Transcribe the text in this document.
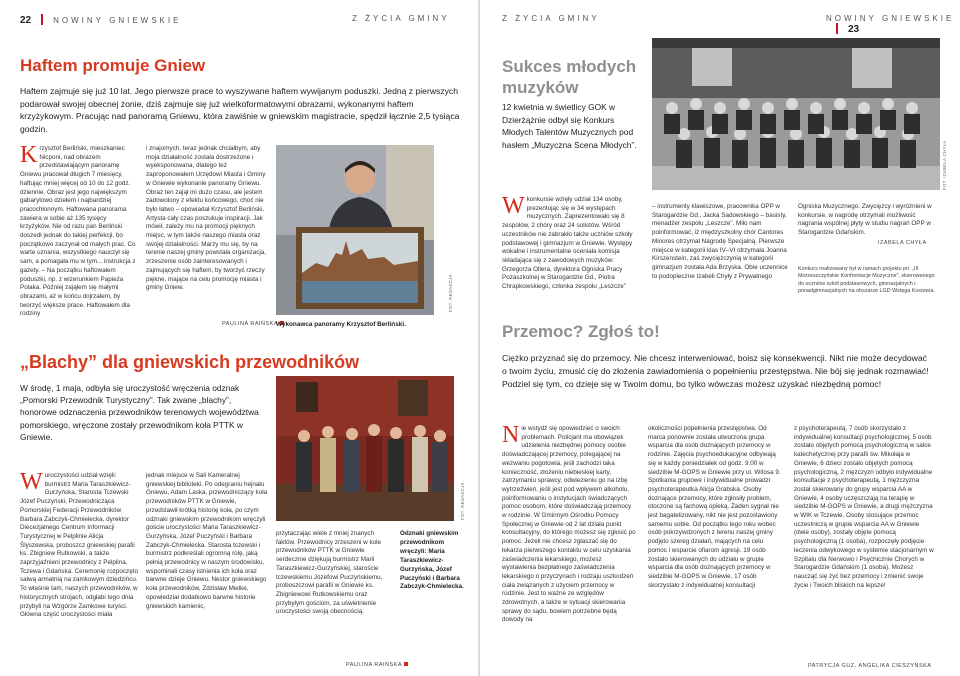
22	NOWINY GNIEWSKIE	Z ŻYCIA GMINY
Haftem promuje Gniew
Haftem zajmuje się już 10 lat. Jego pierwsze prace to wyszywane haftem wywijanym poduszki. Jedną z pierwszych podarował swojej obecnej żonie, dziś zajmuje się już wielkoformatowymi obrazami, wykonanymi haftem krzyżykowym. Pracując nad panoramą Gniewu, która zawiśnie w gniewskim magistracie, spędził łącznie 2,5 tysiąca godzin.
Krzysztof Berliński, mieszkaniec Nicponi, nad obrazem przedstawiającym panoramę Gniewu pracował długich 7 miesięcy, haftując mniej więcej od 10 do 12 godz. dziennie. Obraz jest jego największym gabarytowo dziełem i najbardziej pracochłonnym. Haftowana panorama zawiera w sobie aż 135 tysięcy krzyżyków. Nie od razu pan Berliński doszedł jednak do takiej perfekcji, bo początkowo zaczynał od małych prac. Co warte uznania, wszystkiego nauczył się sam, a pomagała mu w tym... instrukcja z gazety. – Na początku haftowałem poduszki, np. z wizerunkiem Papieża Polaka. Później zająłem się małymi obrazami, aż w końcu dojrzałem, by tworzyć większe prace. Haftowałem dla rodziny
i znajomych, teraz jednak chciałbym, aby moja działalność została dostrzeżone i wyeksponowana, dlatego też zaproponowałem Urzędowi Miasta i Gminy w Gniewie wykonanie panoramy Gniewu. Obraz ten zajął mi dużo czasu, ale jestem zadowolony z efektu końcowego, choć nie było łatwo – opowiadał Krzysztof Berliński. Artysta cały czas poszukuje inspiracji. Jak mówił, zależy mu na promocji pięknych miejsc, w tym także naszego miasta oraz swojej działalności. Marzy mu się, by na terenie naszej gminy powstała organizacja, zrzeszenie osób zainteresowanych i zajmujących się haftem, by tworzyć rzeczy piękne, mające na celu promocję miasta i gminy Gniew.
PAULINA RAIŃSKA
Wykonawca panoramy Krzysztof Berliński.
FOT. REDAKCJA
„Blachy” dla gniewskich przewodników
W środę, 1 maja, odbyła się uroczystość wręczenia odznak „Pomorski Przewodnik Turystyczny”. Tak zwane „blachy”, honorowe odznaczenia przewodników terenowych województwa pomorskiego, wręczone zostały przewodnikom koła PTTK w Gniewie.
FOT. REDAKCJA
Wuroczystości udział wzięli: burmistrz Maria Taraszkiewicz-Gurzyńska, Starosta Tczewski Józef Puczyński, Przewodnicząca Pomorskiej Federacji Przewodników Barbara Zabczyk-Chmielecka, dyrektor Diecezjalnego Centrum Informacji Turystycznej w Pelplinie Alicja Ślyszewska, proboszcz gniewskiej parafii ks. Zbigniew Rutkowski, a także zaprzyjaźnieni przewodnicy z Pelplina, Tczewa i Gdańska. Ceremonię rozpoczęto salwą armatnią na zamkowym dziedzińcu. To właśnie tam, naszych przewodników, w historycznych strojach, odgłabi tego dnia przybyli na Wzgórze Zamkowe turyści. Główna część uroczystości miała
jednak miejsce w Sali Kameralnej gniewskiej biblioteki. Po odegraniu hejnału Gniewu, Adam Laska, przewodniczący koła przewodników PTTK w Gniewie, przedstawił krótką historię koła, po czym odznaki gniewskim przewodnikom wręczyli goście uroczystości Maria Taraszkiewicz-Gurzyńska, Józef Puczyński i Barbara Zabczyk-Chmielecka. Starosta tczewski i burmistrz podkreślali ogromną rolę, jaką pełnią przewodnicy w naszym środowisku, wspominali czasy istnienia ich koła oraz barwne dzieje Gniewu. Nestor gniewskiego koła przewodników, Zdzisław Mielke, opowiedział dodatkowo barwne historie gniewskich kamienic,
przytaczając wiele z mniej znanych faktów. Przewodnicy zrzeszeni w kole przewodników PTTK w Gniewie serdecznie dziękują burmistrz Marii Taraszkiewicz-Gurzyńskiej, staroście tczewskiemu Józefowi Puczyńskiemu, proboszczowi parafii w Gniewie ks. Zbigniewowi Rutkowskiemu oraz przybyłym gościom, za uświetnienie uroczystości swoją obecnością.
PAULINA RAIŃSKA
Odznaki gniewskim przewodnikom wręczyli: Maria Taraszkiewicz-Gurzyńska, Józef Puczyński i Barbara Zabczyk-Chmielecka.
Z ŻYCIA GMINY	NOWINY GNIEWSKIE23
Sukces młodych
muzyków
12 kwietnia w świetlicy GOK w Dzierżążnie odbył się Konkurs Młodych Talentów Muzycznych pod hasłem „Muzyczna Scena Młodych”.	FOT. IZABELA CHYŁA
Wkonkursie wzięły udział 134 osoby, prezentując się w 34 występach muzycznych. Zaprezentowało się 8 zespołów, 2 chóry oraz 24 solistów. Wśród uczestników nie zabrakło także uczniów szkoły podstawowej i gimnazjum w Gniewie. Występy wokalne i instrumentalne oceniała komisja składająca się z zawodowych muzyków: Grzegorza Ollera, dyrektora Ogniska Pracy Pozaszkolnej w Starogardzie Gd., Piotra Chrapkowskiego, członka zespołu „Leszcze”
– instrumenty klawiszowe, pracownika OPP w Starogardzie Gd., Jacka Sadowskiego – basisty, menadżer zespołu „Leszcze”. Miło nam poinformować, iż międzyszkolny chór Cantores Minores otrzymał Nagrodę Specjalną. Pierwsze miejsce w kategorii klas IV–VI otrzymała Joanna Kirszenstein, zaś zwyciężczynią w kategorii gimnazjum została Ada Brzyska. Obie uczennice to podopieczne Izabeli Chyły z Prywatnego
Ogniska Muzycznego. Zwycięzcy i wyróżnieni w konkursie, w nagrodę otrzymali możliwość nagrania wspólnej płyty w studiu nagrań OPP w Starogardzie Gdańskim.
IZABELA CHYŁA
Konkurs realizowany był w ramach projektu pn. „III Morzeszczyńskie Konfrontacje Muzyczne”, skierowanego do uczniów szkół podstawowych, gimnazjalnych i ponadgimnazjalnych na obszarze LGD Wstęga Kociewia.
Przemoc? Zgłoś to!
Ciężko przyznać się do przemocy. Nie chcesz interweniować, boisz się konsekwencji. Nikt nie może decydować o twoim życiu, zmusić cię do złożenia zawiadomienia o popełnieniu przestępstwa. Nie bój się jednak rozmawiać! Podziel się tym, co dzieje się w Twoim domu, bo tylko wówczas możesz uzyskać niezbędną pomoc!
Nie wstydź się opowiedzieć o swoich problemach. Policjant ma obowiązek udzielenia niezbędnej pomocy osobie doświadczającej przemocy, polegającej na wezwaniu pogotowia, jeśli zachodzi taka konieczność, złożeniu niebieskiej karty, zatrzymaniu sprawcy, odwiezieniu go na izbę wytrzeźwień, jeśli jest pod wpływem alkoholu, poinformowaniu o instytucjach świadczących pomoc osobom, które doświadczają przemocy w rodzinie. W Gminnym Ośrodku Pomocy Społecznej w Gniewie od 2 lat działa punkt konsultacyjny, do którego możesz się zgłosić po pomoc. Jeżeli nie chcesz zgłaszać się do lekarza pierwszego kontaktu w celu uzyskania zaświadczenia lekarskiego, możesz wystawienia bezpłatnego zaświadczenia lekarskiego o przyczynach i rodzaju uszkodzeń ciała związanych z użyciem przemocy w rodzinie. Jest to ważne ze względów zdrowotnych, a także w sytuacji skierowania sprawy do sądu, bowiem potrzebne będą dowody na
okoliczności popełnienia przestępstwa. Od marca ponownie została utworzona grupa wsparcia dla osób doznających przemocy w rodzinie. Zajęcia psychoedukacyjne odbywają się w każdy poniedziałek od godz. 9.00 w siedzibie M-GOPS w Gniewie przy ul. Witosa 9. Spotkania grupowe i indywidualne prowadzi psychoterapeutka Alicja Grabska. Osoby doznające przemocy, które zgłosiły problem, otoczone są fachową opieką. Żaden sygnał nie jest bagatelizowany, nikt nie jest pozostawiony samemu sobie. Od początku tego roku wobec osób pokrzywdzonych z terenu naszej gminy podjęto szereg działań, mających na celu pomoc i wsparcie ofiarom agresji. 19 osób zostało skierowanych do udziału w grupie wsparcia dla osób doznających przemocy w siedzibie M-GOPS w Gniewie, 17 osób skorzystało z indywidualnej konsultacji
z psychoterapeutą, 7 osób skorzystało z indywidualnej konsultacji psychologicznej, 5 osób zostało objętych pomocą psychologiczną w salce katechetycznej przy parafii św. Mikołaja w Gniewie, 6 dzieci zostało objętych pomocą psychologiczną, 2 mężczyzn odbyło indywidualne konsultacje z psychoterapeutą, 1 mężczyzna został skierowany do grupy wsparcia AA w Gniewie, 4 osoby uczęszczają na terapię w siedzibie M-GOPS w Gniewie, a drugi mężczyzna w WIK w Tczewie. Osoby stosujące przemoc uczestniczą w grupie wsparcia AA w Gniewie (dwie osoby), zostały objęte pomocą psychologiczną (1 osoba), rozpoczęły podjęcie leczenia odwykowego w systemie stacjonarnym w Szpitalu dla Nerwowo i Psychicznie Chorych w Starogardzie Gdańskim (1 osoba). Możesz naucząć się żyć bez przemocy i zmienić swoje życie i Twoich bliskich na lepsze!
PATRYCJA GUZ, ANGELIKA CIESZYŃSKA
